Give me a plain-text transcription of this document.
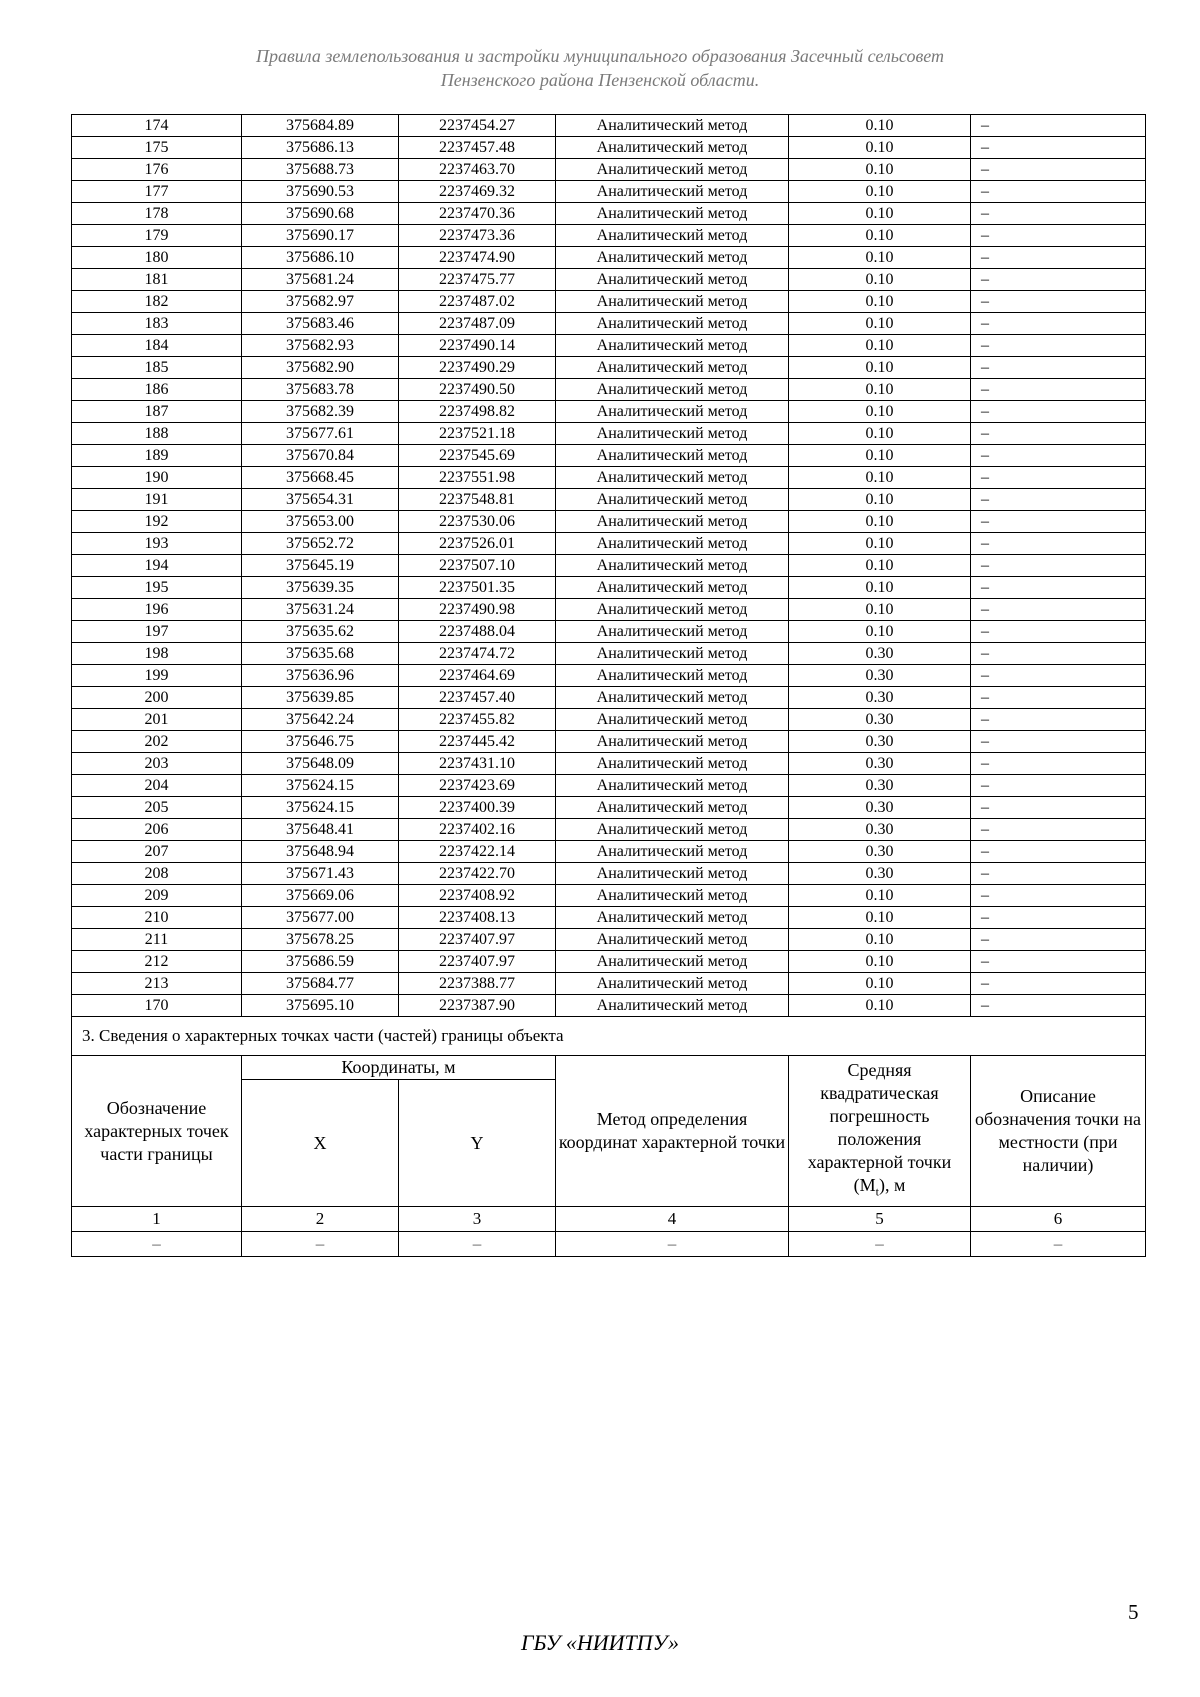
Правила землепользования и застройки муниципального образования Засечный сельсовет
Пензенского района Пензенской области.
174	375684.89	2237454.27	Аналитический метод	0.10	–
175	375686.13	2237457.48	Аналитический метод	0.10	–
176	375688.73	2237463.70	Аналитический метод	0.10	–
177	375690.53	2237469.32	Аналитический метод	0.10	–
178	375690.68	2237470.36	Аналитический метод	0.10	–
179	375690.17	2237473.36	Аналитический метод	0.10	–
180	375686.10	2237474.90	Аналитический метод	0.10	–
181	375681.24	2237475.77	Аналитический метод	0.10	–
182	375682.97	2237487.02	Аналитический метод	0.10	–
183	375683.46	2237487.09	Аналитический метод	0.10	–
184	375682.93	2237490.14	Аналитический метод	0.10	–
185	375682.90	2237490.29	Аналитический метод	0.10	–
186	375683.78	2237490.50	Аналитический метод	0.10	–
187	375682.39	2237498.82	Аналитический метод	0.10	–
188	375677.61	2237521.18	Аналитический метод	0.10	–
189	375670.84	2237545.69	Аналитический метод	0.10	–
190	375668.45	2237551.98	Аналитический метод	0.10	–
191	375654.31	2237548.81	Аналитический метод	0.10	–
192	375653.00	2237530.06	Аналитический метод	0.10	–
193	375652.72	2237526.01	Аналитический метод	0.10	–
194	375645.19	2237507.10	Аналитический метод	0.10	–
195	375639.35	2237501.35	Аналитический метод	0.10	–
196	375631.24	2237490.98	Аналитический метод	0.10	–
197	375635.62	2237488.04	Аналитический метод	0.10	–
198	375635.68	2237474.72	Аналитический метод	0.30	–
199	375636.96	2237464.69	Аналитический метод	0.30	–
200	375639.85	2237457.40	Аналитический метод	0.30	–
201	375642.24	2237455.82	Аналитический метод	0.30	–
202	375646.75	2237445.42	Аналитический метод	0.30	–
203	375648.09	2237431.10	Аналитический метод	0.30	–
204	375624.15	2237423.69	Аналитический метод	0.30	–
205	375624.15	2237400.39	Аналитический метод	0.30	–
206	375648.41	2237402.16	Аналитический метод	0.30	–
207	375648.94	2237422.14	Аналитический метод	0.30	–
208	375671.43	2237422.70	Аналитический метод	0.30	–
209	375669.06	2237408.92	Аналитический метод	0.10	–
210	375677.00	2237408.13	Аналитический метод	0.10	–
211	375678.25	2237407.97	Аналитический метод	0.10	–
212	375686.59	2237407.97	Аналитический метод	0.10	–
213	375684.77	2237388.77	Аналитический метод	0.10	–
170	375695.10	2237387.90	Аналитический метод	0.10	–
3. Сведения о характерных точках части (частей) границы объекта					
Обозначение характерных точек части границы	Координаты, м		Метод определения координат характерной точки	Средняя квадратическая погрешность положения характерной точки $(M_t)$, м	Описание обозначения точки на местности (при наличии)
	X	Y			
1	2	3	4	5	6
–	–	–	–	–	–
5
ГБУ «НИИТПУ»
